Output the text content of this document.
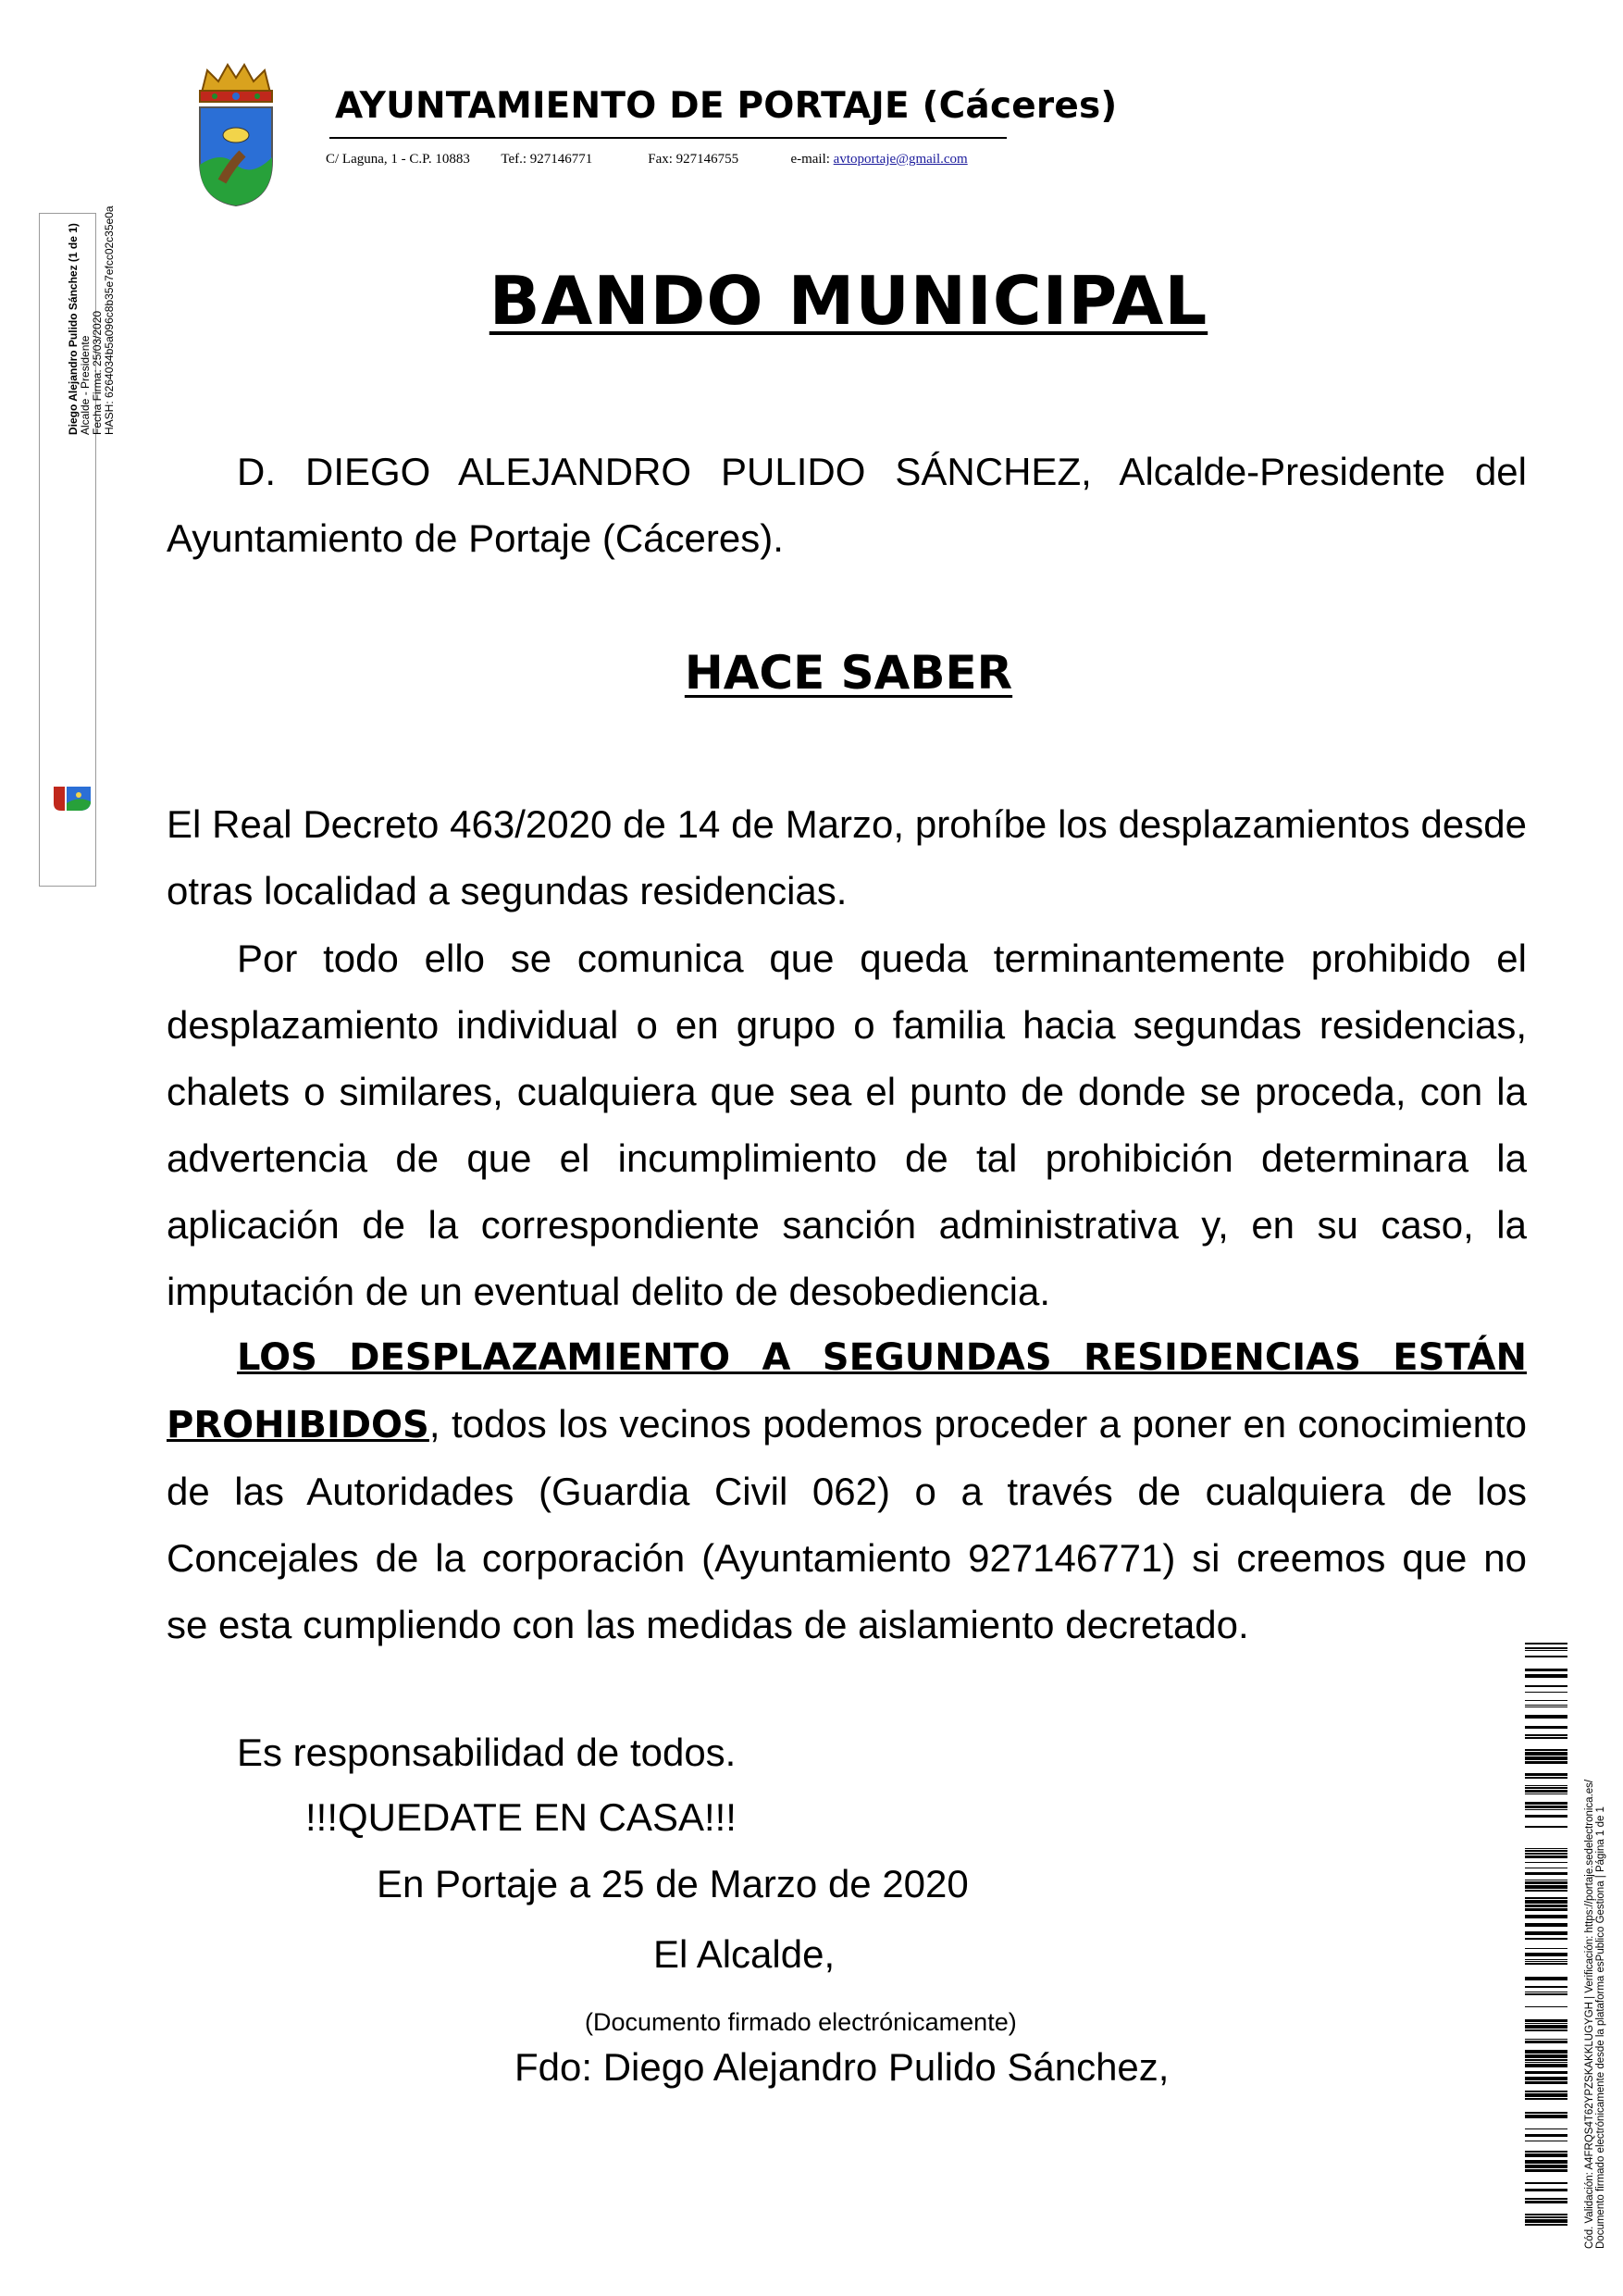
AYUNTAMIENTO DE PORTAJE (Cáceres)
C/ Laguna, 1 - C.P. 10883 Tef.: 927146771	Fax: 927146755	e-mail: avtoportaje@gmail.com
Diego Alejandro Pulido Sánchez (1 de 1) Alcalde - Presidente Fecha Firma: 25/03/2020 HASH: 6264034b5a096c8b35e7efcc02c35e0a	BANDO MUNICIPAL
D. DIEGO ALEJANDRO PULIDO SÁNCHEZ, Alcalde-Presidente del Ayuntamiento de Portaje (Cáceres).
HACE SABER
El Real Decreto 463/2020 de 14 de Marzo, prohíbe los desplazamientos desde otras localidad a segundas residencias.
Por todo ello se comunica que queda terminantemente prohibido el desplazamiento individual o en grupo o familia hacia segundas residencias, chalets o similares, cualquiera que sea el punto de donde se proceda, con la advertencia de que el incumplimiento de tal prohibición determinara la aplicación de la correspondiente sanción administrativa y, en su caso, la imputación de un eventual delito de desobediencia.
LOS DESPLAZAMIENTO A SEGUNDAS RESIDENCIAS ESTÁN PROHIBIDOS, todos los vecinos podemos proceder a poner en conocimiento de las Autoridades (Guardia Civil 062) o a través de cualquiera de los Concejales de la corporación (Ayuntamiento 927146771) si creemos que no se esta cumpliendo con las medidas de aislamiento decretado.
Es responsabilidad de todos.
!!!QUEDATE EN CASA!!!
En Portaje a 25 de Marzo de 2020
El Alcalde,
(Documento firmado electrónicamente)
Fdo: Diego Alejandro Pulido Sánchez,	Cód. Validación: A4FRQS4T62YPZSKAKKLUGYGH | Verificación: https://portaje.sedelectronica.es/ Documento firmado electrónicamente desde la plataforma esPublico Gestiona | Página 1 de 1
